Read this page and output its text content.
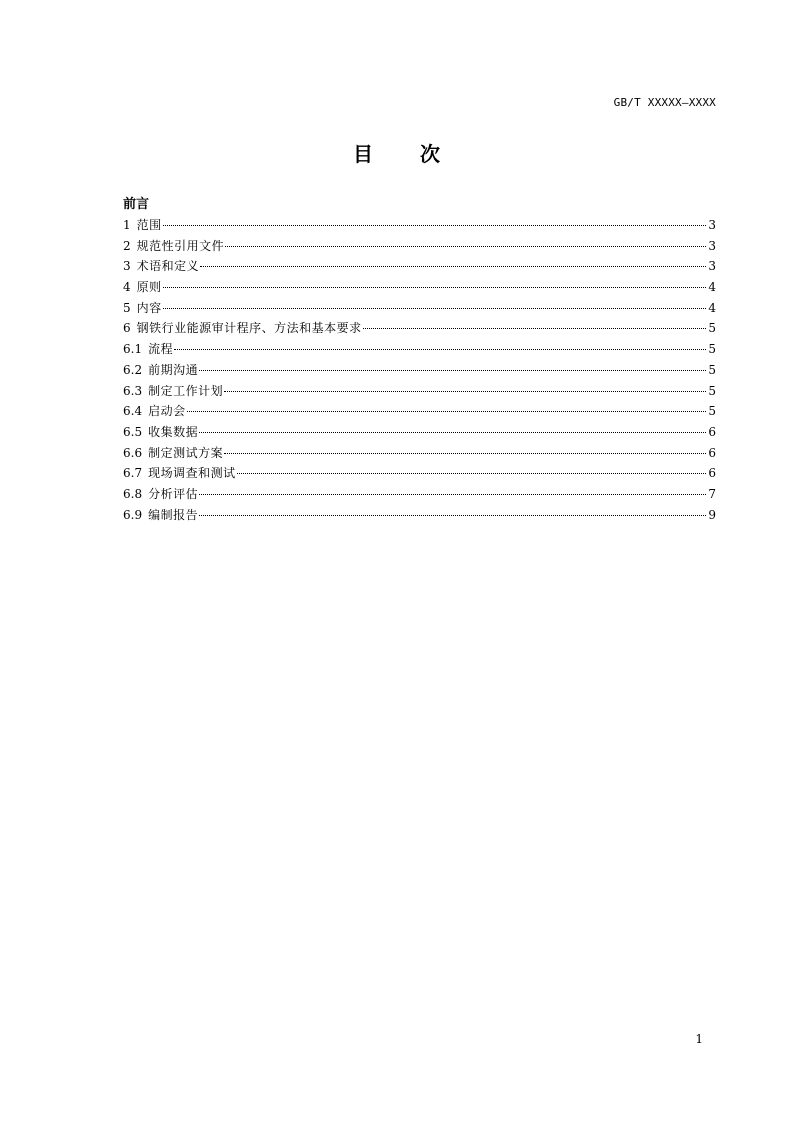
GB/T XXXXX—XXXX
目 次
前言
1 范围	3
2 规范性引用文件	3
3 术语和定义	3
4 原则	4
5 内容	4
6 钢铁行业能源审计程序、方法和基本要求	5
6.1 流程	5
6.2 前期沟通	5
6.3 制定工作计划	5
6.4 启动会	5
6.5 收集数据	6
6.6 制定测试方案	6
6.7 现场调查和测试	6
6.8 分析评估	7
6.9 编制报告	9
1
